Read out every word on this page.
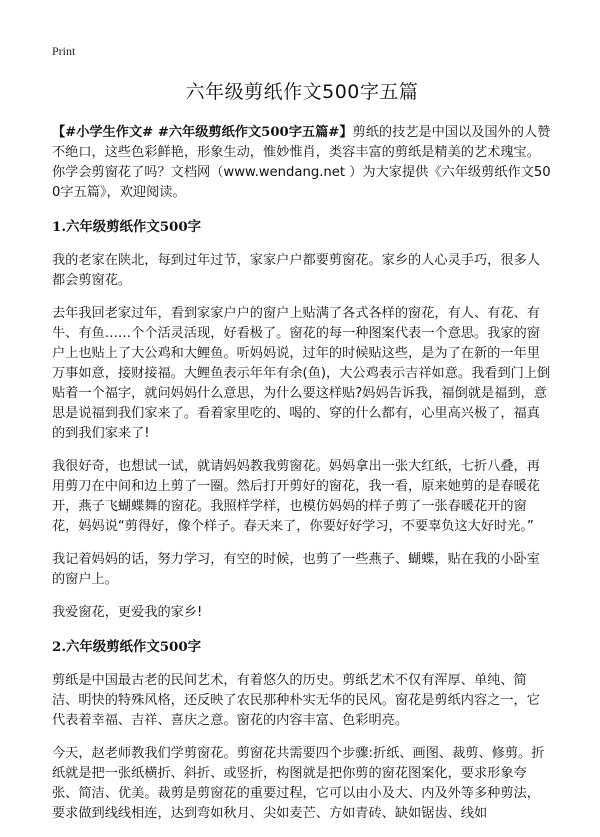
Print
六年级剪纸作文500字五篇

【#小学生作文# #六年级剪纸作文500字五篇#】剪纸的技艺是中国以及国外的人赞不绝口，这些色彩鲜艳，形象生动，惟妙惟肖，类容丰富的剪纸是精美的艺术瑰宝。你学会剪窗花了吗？文档网（www.wendang.net ）为大家提供《六年级剪纸作文500字五篇》，欢迎阅读。

1.六年级剪纸作文500字

我的老家在陕北，每到过年过节，家家户户都要剪窗花。家乡的人心灵手巧，很多人都会剪窗花。

去年我回老家过年，看到家家户户的窗户上贴满了各式各样的窗花，有人、有花、有牛、有鱼……个个活灵活现，好看极了。窗花的每一种图案代表一个意思。我家的窗户上也贴上了大公鸡和大鲤鱼。听妈妈说，过年的时候贴这些，是为了在新的一年里万事如意，接财接福。大鲤鱼表示年年有余(鱼)，大公鸡表示吉祥如意。我看到门上倒贴着一个福字，就问妈妈什么意思，为什么要这样贴?妈妈告诉我，福倒就是福到，意思是说福到我们家来了。看着家里吃的、喝的、穿的什么都有，心里高兴极了，福真的到我们家来了!

我很好奇，也想试一试，就请妈妈教我剪窗花。妈妈拿出一张大红纸，七折八叠，再用剪刀在中间和边上剪了一圈。然后打开剪好的窗花，我一看，原来她剪的是春暖花开，燕子飞蝴蝶舞的窗花。我照样学样，也模仿妈妈的样子剪了一张春暖花开的窗花，妈妈说“剪得好，像个样子。春天来了，你要好好学习，不要辜负这大好时光。”

我记着妈妈的话，努力学习，有空的时候，也剪了一些燕子、蝴蝶，贴在我的小卧室的窗户上。

我爱窗花，更爱我的家乡!

2.六年级剪纸作文500字

剪纸是中国最古老的民间艺术，有着悠久的历史。剪纸艺术不仅有浑厚、单纯、简洁、明快的特殊风格，还反映了农民那种朴实无华的民风。窗花是剪纸内容之一，它代表着幸福、吉祥、喜庆之意。窗花的内容丰富、色彩明亮。

今天，赵老师教我们学剪窗花。剪窗花共需要四个步骤:折纸、画图、裁剪、修剪。折纸就是把一张纸横折、斜折、或竖折，构图就是把你剪的窗花图案化，要求形象夸张、简洁、优美。裁剪是剪窗花的重要过程，它可以由小及大、内及外等多种剪法，要求做到线线相连，达到弯如秋月、尖如麦芒、方如青砖、缺如锯齿、线如
